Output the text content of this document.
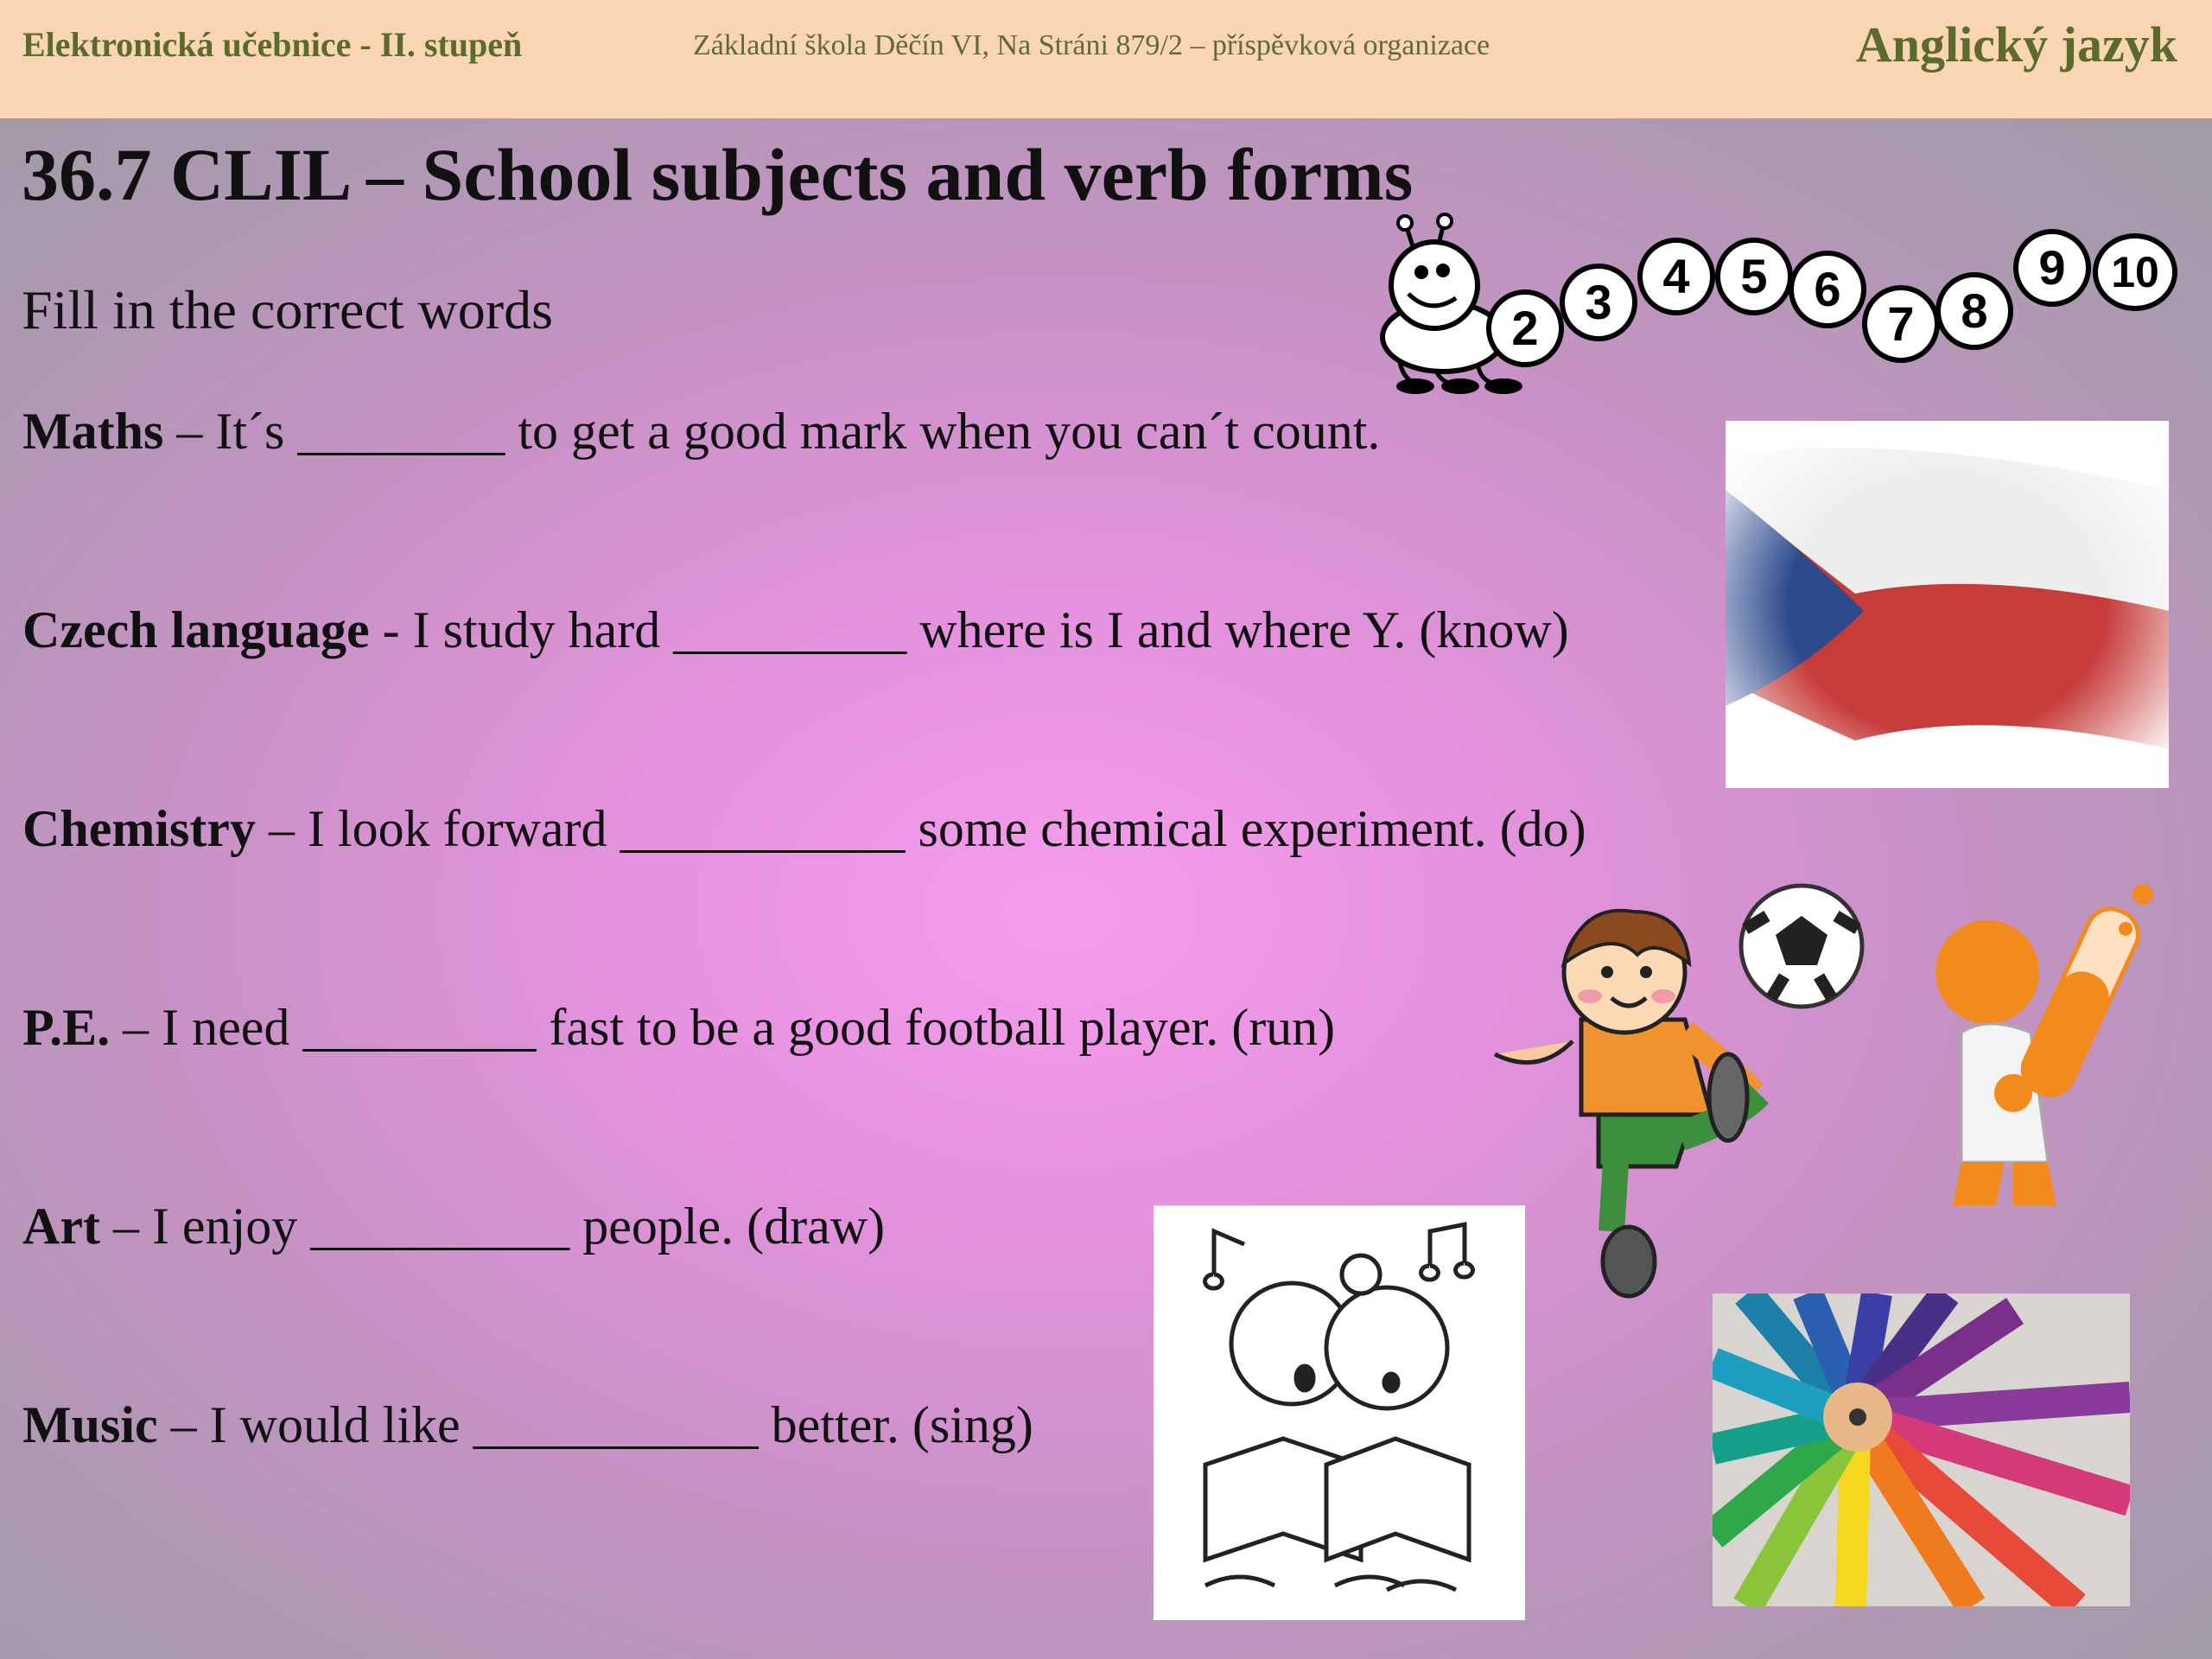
Elektronická učebnice - II. stupeň	Základní škola Děčín VI, Na Stráni 879/2 – příspěvková organizace	Anglický jazyk
36.7 CLIL – School subjects and verb forms
Fill in the correct words
Maths – It´s ________ to get a good mark when you can´t count.
Czech language - I study hard _________ where is I and where Y. (know)
Chemistry – I look forward ___________ some chemical experiment. (do)
P.E. – I need _________ fast to be a good football player. (run)
Art – I enjoy __________ people. (draw)
Music – I would like ___________ better. (sing)
2 3	4	5 6
7 8
9	10
